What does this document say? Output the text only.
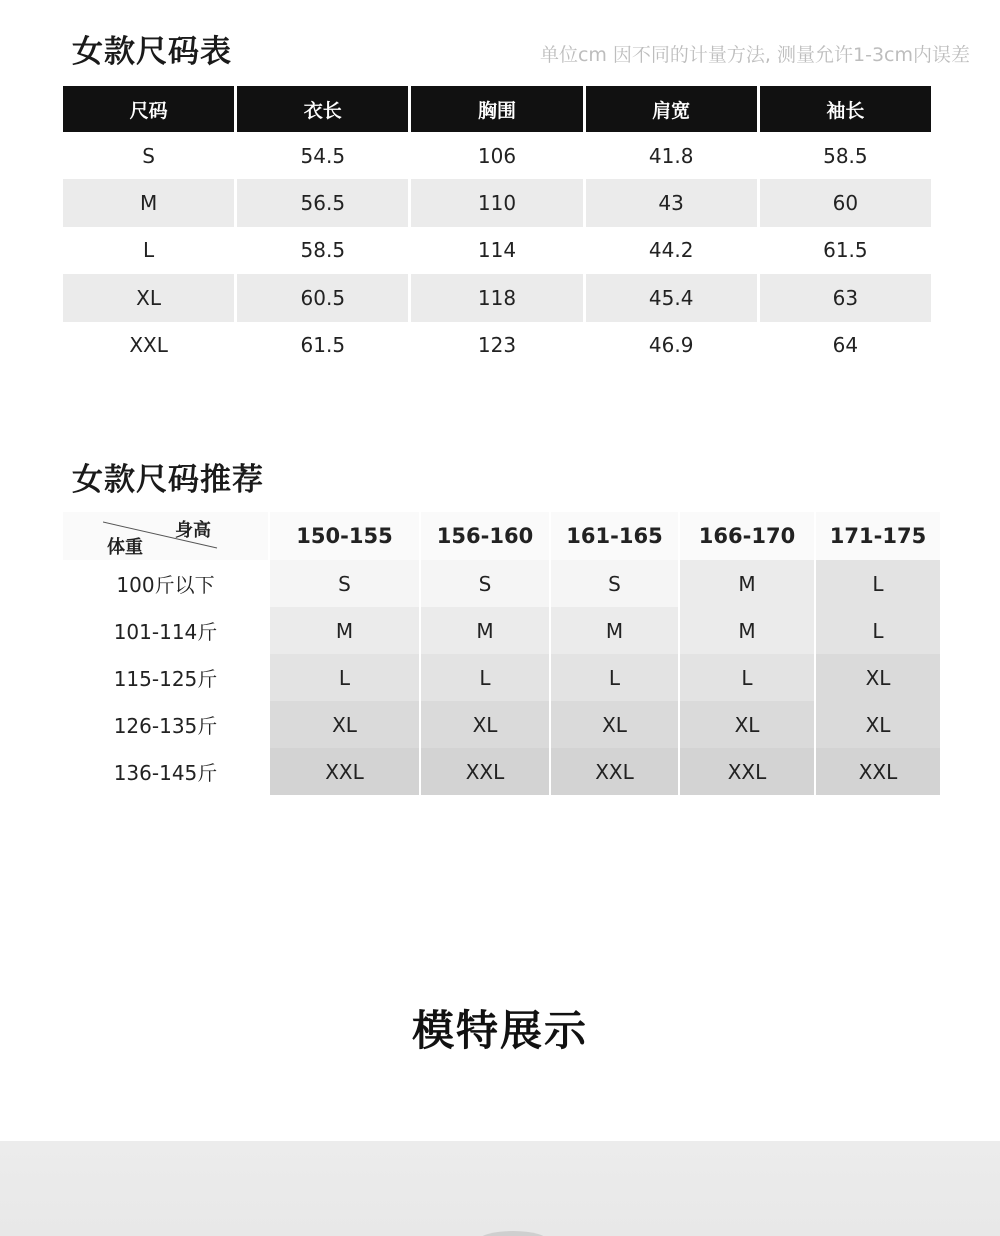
女款尺码表	单位cm 因不同的计量方法, 测量允许1-3cm内误差
尺码	衣长	胸围	肩宽	袖长
S	54.5	106	41.8	58.5
M	56.5	110	43	60
L	58.5	114	44.2	61.5
XL	60.5	118	45.4	63
XXL	61.5	123	46.9	64
女款尺码推荐
身高
体重	150-155	156-160	161-165	166-170	171-175
100斤以下	S	S	S	M	L
101-114斤	M	M	M	M	L
115-125斤	L	L	L	L	XL
126-135斤	XL	XL	XL	XL	XL
136-145斤	XXL	XXL	XXL	XXL	XXL
模特展示
